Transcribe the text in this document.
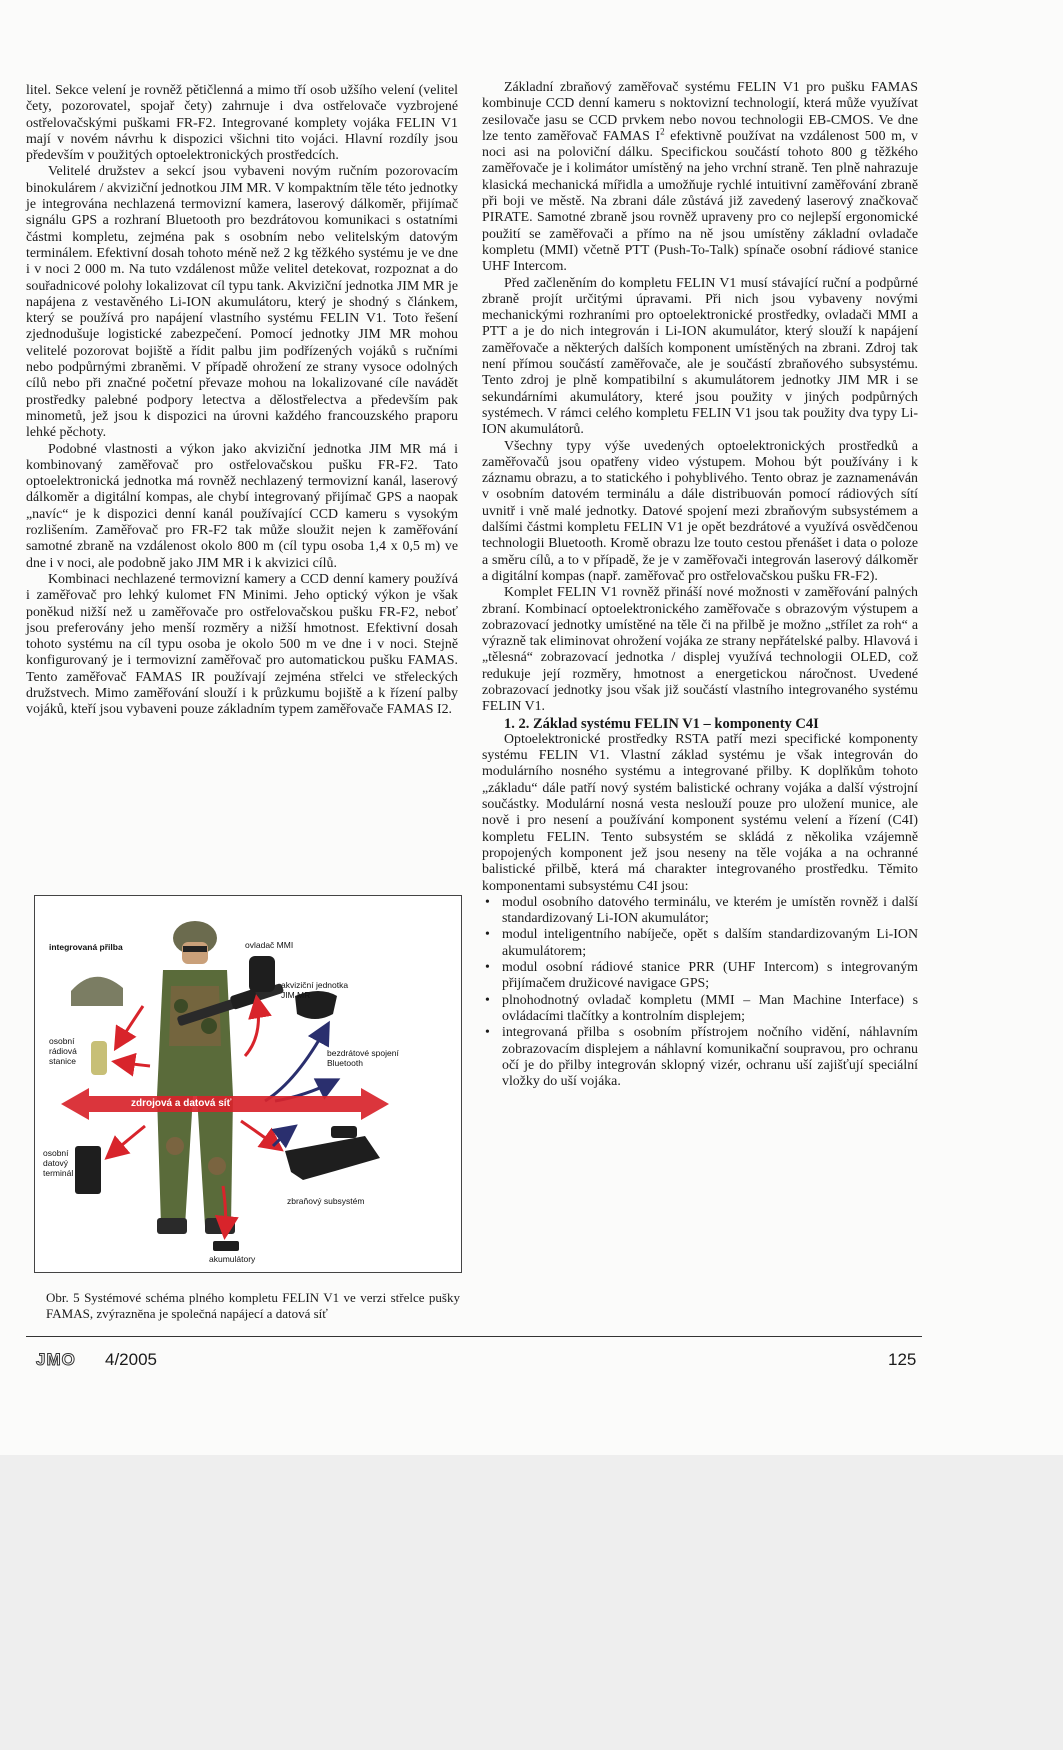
litel. Sekce velení je rovněž pětičlenná a mimo tří osob užšího velení (velitel čety, pozorovatel, spojař čety) zahrnuje i dva ostřelovače vyzbrojené ostřelovačskými puškami FR-F2. Integrované komplety vojáka FELIN V1 mají v novém návrhu k dispozici všichni tito vojáci. Hlavní rozdíly jsou především v použitých optoelektronických prostředcích.

Velitelé družstev a sekcí jsou vybaveni novým ručním pozorovacím binokulárem / akviziční jednotkou JIM MR. V kompaktním těle této jednotky je integrována nechlazená termovizní kamera, laserový dálkoměr, přijímač signálu GPS a rozhraní Bluetooth pro bezdrátovou komunikaci s ostatními částmi kompletu, zejména pak s osobním nebo velitelským datovým terminálem. Efektivní dosah tohoto méně než 2 kg těžkého systému je ve dne i v noci 2 000 m. Na tuto vzdálenost může velitel detekovat, rozpoznat a do souřadnicové polohy lokalizovat cíl typu tank. Akviziční jednotka JIM MR je napájena z vestavěného Li-ION akumulátoru, který je shodný s článkem, který se používá pro napájení vlastního systému FELIN V1. Toto řešení zjednodušuje logistické zabezpečení. Pomocí jednotky JIM MR mohou velitelé pozorovat bojiště a řídit palbu jim podřízených vojáků s ručními nebo podpůrnými zbraněmi. V případě ohrožení ze strany vysoce odolných cílů nebo při značné početní převaze mohou na lokalizované cíle navádět prostředky palebné podpory letectva a dělostřelectva a především pak minometů, jež jsou k dispozici na úrovni každého francouzského praporu lehké pěchoty.

Podobné vlastnosti a výkon jako akviziční jednotka JIM MR má i kombinovaný zaměřovač pro ostřelovačskou pušku FR-F2. Tato optoelektronická jednotka má rovněž nechlazený termovizní kanál, laserový dálkoměr a digitální kompas, ale chybí integrovaný přijímač GPS a naopak „navíc“ je k dispozici denní kanál používající CCD kameru s vysokým rozlišením. Zaměřovač pro FR-F2 tak může sloužit nejen k zaměřování samotné zbraně na vzdálenost okolo 800 m (cíl typu osoba 1,4 x 0,5 m) ve dne i v noci, ale podobně jako JIM MR i k akvizici cílů.

Kombinaci nechlazené termovizní kamery a CCD denní kamery používá i zaměřovač pro lehký kulomet FN Minimi. Jeho optický výkon je však poněkud nižší než u zaměřovače pro ostřelovačskou pušku FR-F2, neboť jsou preferovány jeho menší rozměry a nižší hmotnost. Efektivní dosah tohoto systému na cíl typu osoba je okolo 500 m ve dne i v noci. Stejně konfigurovaný je i termovizní zaměřovač pro automatickou pušku FAMAS. Tento zaměřovač FAMAS IR používají zejména střelci ve střeleckých družstvech. Mimo zaměřování slouží i k průzkumu bojiště a k řízení palby vojáků, kteří jsou vybaveni pouze základním typem zaměřovače FAMAS I2.

integrovaná přilba	ovladač MMI
akviziční jednotka
JIM MR
osobní
rádiová
stanice
bezdrátové spojení
Bluetooth
zdrojová a datová síť
osobní
datový
terminál
zbraňový subsystém
akumulátory
Obr. 5 Systémové schéma plného kompletu FELIN V1 ve verzi střelce pušky FAMAS, zvýrazněna je společná napájecí a datová síť

Základní zbraňový zaměřovač systému FELIN V1 pro pušku FAMAS kombinuje CCD denní kameru s noktovizní technologií, která může využívat zesilovače jasu se CCD prvkem nebo novou technologii EB-CMOS. Ve dne lze tento zaměřovač FAMAS $I^2$ efektivně používat na vzdálenost 500 m, v noci asi na poloviční dálku. Specifickou součástí tohoto 800 g těžkého zaměřovače je i kolimátor umístěný na jeho vrchní straně. Ten plně nahrazuje klasická mechanická mířidla a umožňuje rychlé intuitivní zaměřování zbraně při boji ve městě. Na zbrani dále zůstává již zavedený laserový značkovač PIRATE. Samotné zbraně jsou rovněž upraveny pro co nejlepší ergonomické použití se zaměřovači a přímo na ně jsou umístěny základní ovladače kompletu (MMI) včetně PTT (Push-To-Talk) spínače osobní rádiové stanice UHF Intercom.

Před začleněním do kompletu FELIN V1 musí stávající ruční a podpůrné zbraně projít určitými úpravami. Při nich jsou vybaveny novými mechanickými rozhraními pro optoelektronické prostředky, ovladači MMI a PTT a je do nich integrován i Li-ION akumulátor, který slouží k napájení zaměřovače a některých dalších komponent umístěných na zbrani. Zdroj tak není přímou součástí zaměřovače, ale je součástí zbraňového subsystému. Tento zdroj je plně kompatibilní s akumulátorem jednotky JIM MR i se sekundárními akumulátory, které jsou použity v jiných podpůrných systémech. V rámci celého kompletu FELIN V1 jsou tak použity dva typy Li-ION akumulátorů.

Všechny typy výše uvedených optoelektronických prostředků a zaměřovačů jsou opatřeny video výstupem. Mohou být používány i k záznamu obrazu, a to statického i pohyblivého. Tento obraz je zaznamenáván v osobním datovém terminálu a dále distribuován pomocí rádiových sítí uvnitř i vně malé jednotky. Datové spojení mezi zbraňovým subsystémem a dalšími částmi kompletu FELIN V1 je opět bezdrátové a využívá osvědčenou technologii Bluetooth. Kromě obrazu lze touto cestou přenášet i data o poloze a směru cílů, a to v případě, že je v zaměřovači integrován laserový dálkoměr a digitální kompas (např. zaměřovač pro ostřelovačskou pušku FR-F2).

Komplet FELIN V1 rovněž přináší nové možnosti v zaměřování palných zbraní. Kombinací optoelektronického zaměřovače s obrazovým výstupem a zobrazovací jednotky umístěné na těle či na přilbě je možno „střílet za roh“ a výrazně tak eliminovat ohrožení vojáka ze strany nepřátelské palby. Hlavová i „tělesná“ zobrazovací jednotka / displej využívá technologii OLED, což redukuje její rozměry, hmotnost a energetickou náročnost. Uvedené zobrazovací jednotky jsou však již součástí vlastního integrovaného systému FELIN V1.

1. 2. Základ systému FELIN V1 – komponenty C4I

Optoelektronické prostředky RSTA patří mezi specifické komponenty systému FELIN V1. Vlastní základ systému je však integrován do modulárního nosného systému a integrované přilby. K doplňkům tohoto „základu“ dále patří nový systém balistické ochrany vojáka a další výstrojní součástky. Modulární nosná vesta neslouží pouze pro uložení munice, ale nově i pro nesení a používání komponent systému velení a řízení (C4I) kompletu FELIN. Tento subsystém se skládá z několika vzájemně propojených komponent jež jsou neseny na těle vojáka a na ochranné balistické přilbě, která má charakter integrovaného prostředku. Těmito komponentami subsystému C4I jsou:

• modul osobního datového terminálu, ve kterém je umístěn rovněž i další standardizovaný Li-ION akumulátor;
• modul inteligentního nabíječe, opět s dalším standardizovaným Li-ION akumulátorem;
• modul osobní rádiové stanice PRR (UHF Intercom) s integrovaným přijímačem družicové navigace GPS;
• plnohodnotný ovladač kompletu (MMI – Man Machine Interface) s ovládacími tlačítky a kontrolním displejem;
• integrovaná přilba s osobním přístrojem nočního vidění, náhlavním zobrazovacím displejem a náhlavní komunikační soupravou, pro ochranu očí je do přilby integrován sklopný vizér, ochranu uší zajišťují speciální vložky do uší vojáka.
JMO 4/2005	125
